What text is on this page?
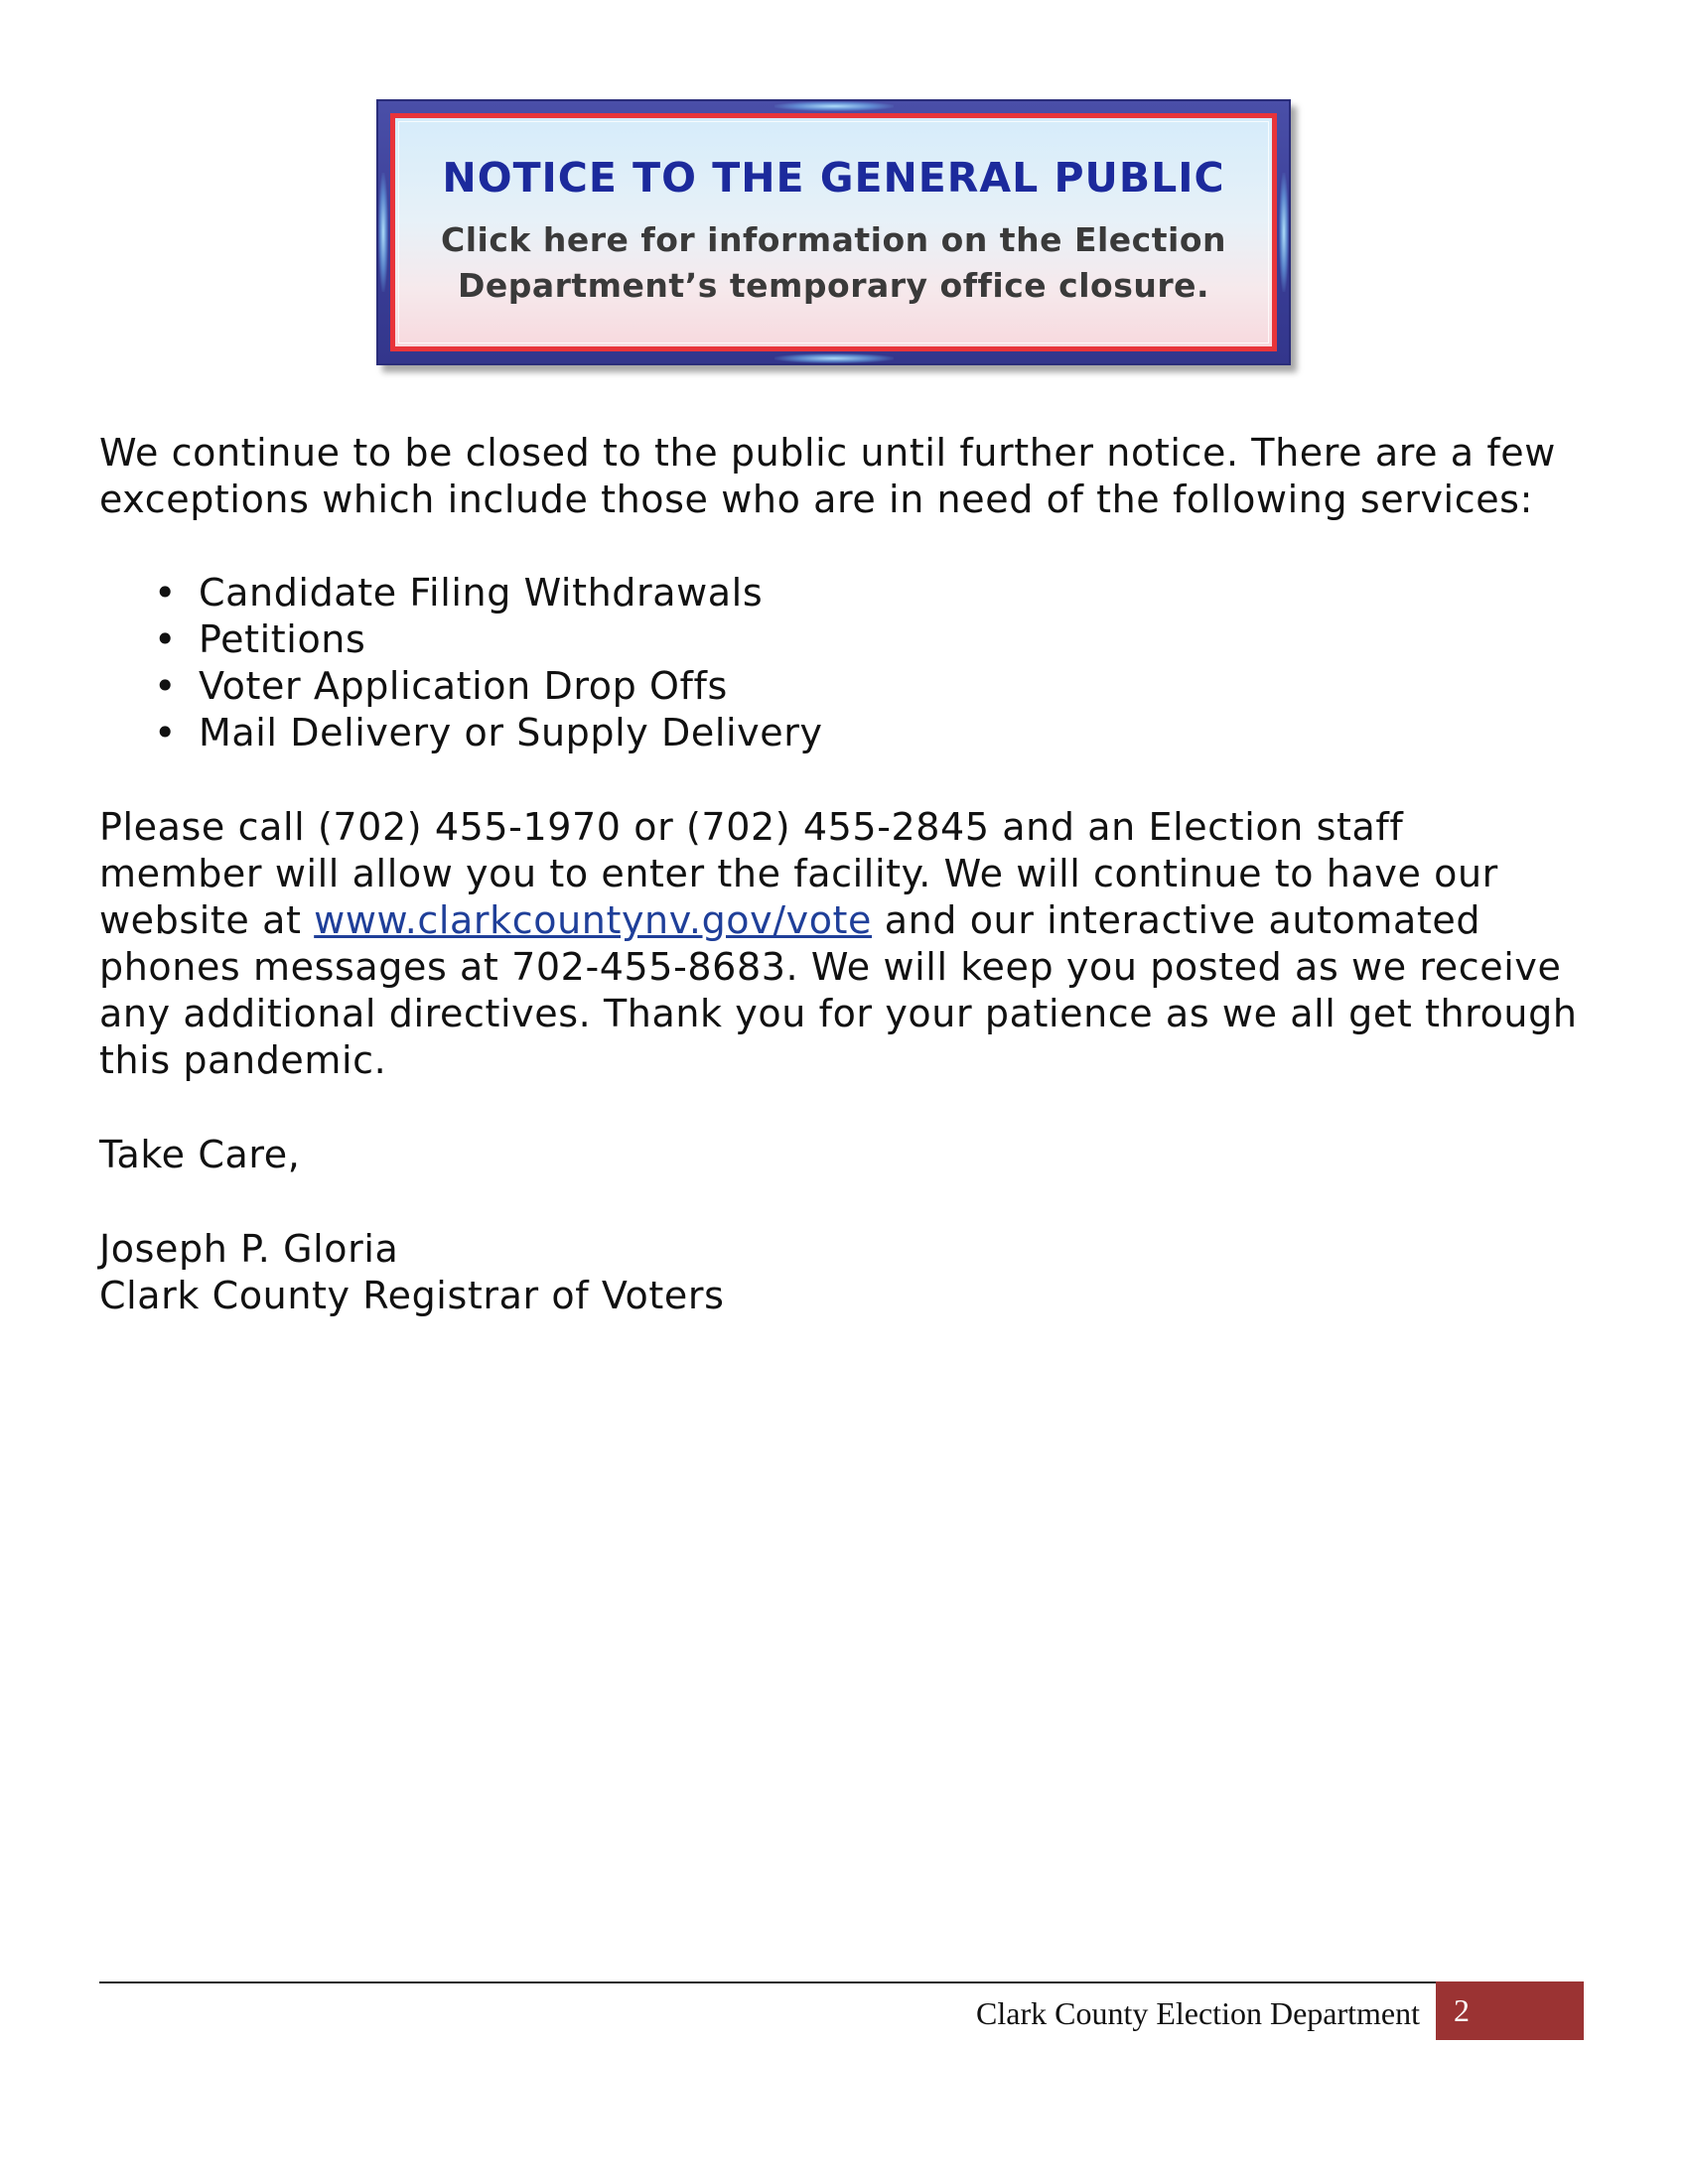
NOTICE TO THE GENERAL PUBLIC
Click here for information on the Election
Department’s temporary office closure.
We continue to be closed to the public until further notice. There are a few
exceptions which include those who are in need of the following services:
• Candidate Filing Withdrawals
• Petitions
• Voter Application Drop Offs
• Mail Delivery or Supply Delivery
Please call (702) 455-1970 or (702) 455-2845 and an Election staff
member will allow you to enter the facility. We will continue to have our
website at www.clarkcountynv.gov/vote and our interactive automated
phones messages at 702-455-8683. We will keep you posted as we receive
any additional directives. Thank you for your patience as we all get through
this pandemic.
Take Care,
Joseph P. Gloria
Clark County Registrar of Voters
Clark County Election Department	2
